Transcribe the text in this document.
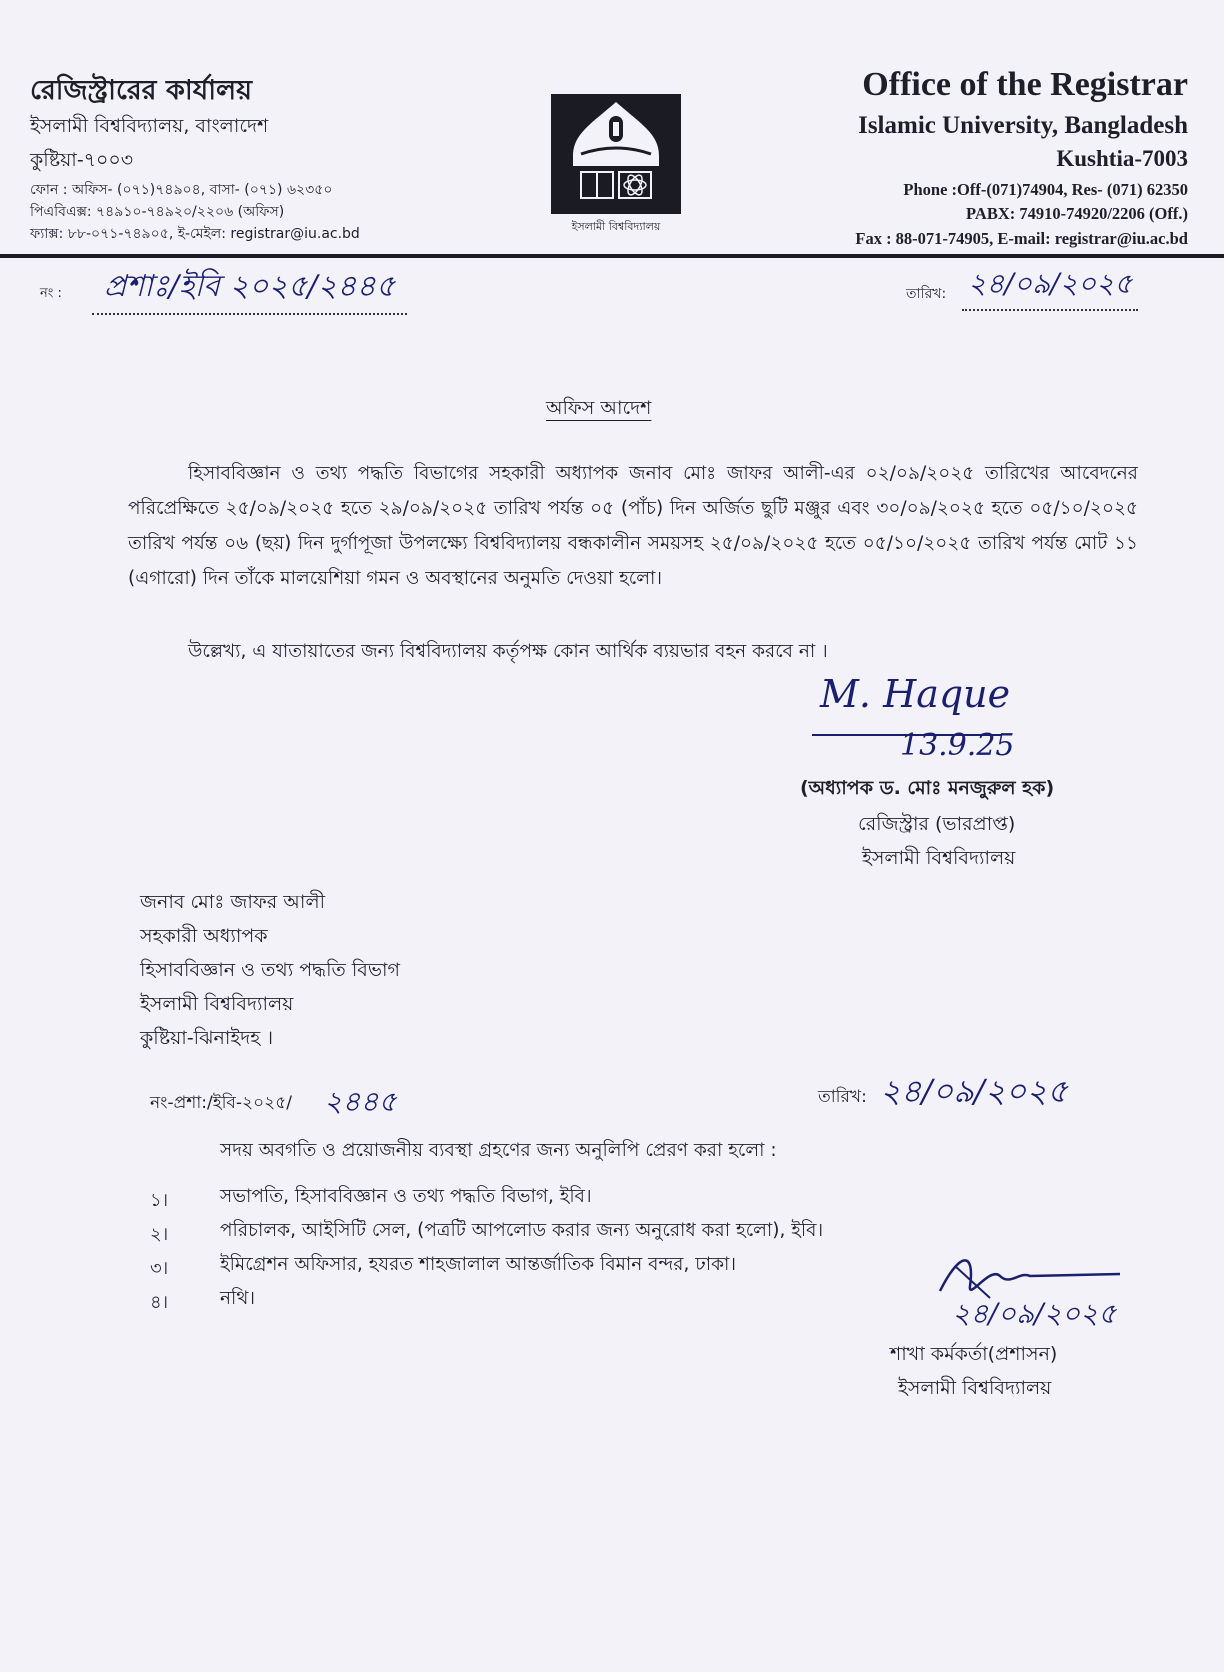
রেজিস্ট্রারের কার্যালয়
ইসলামী বিশ্ববিদ্যালয়, বাংলাদেশ
কুষ্টিয়া-৭০০৩
ফোন : অফিস- (০৭১)৭৪৯০৪, বাসা- (০৭১) ৬২৩৫০
পিএবিএক্স: ৭৪৯১০-৭৪৯২০/২২০৬ (অফিস)
ফ্যাক্স: ৮৮-০৭১-৭৪৯০৫, ই-মেইল: registrar@iu.ac.bd	ইসলামী বিশ্ববিদ্যালয়
Office of the Registrar
Islamic University, Bangladesh
Kushtia-7003
Phone :Off-(071)74904, Res- (071) 62350
PABX: 74910-74920/2206 (Off.)
Fax : 88-071-74905, E-mail: registrar@iu.ac.bd
নং :	প্রশাঃ/ইবি ২০২৫/২৪৪৫	তারিখ: ২৪/০৯/২০২৫
অফিস আদেশ
হিসাববিজ্ঞান ও তথ্য পদ্ধতি বিভাগের সহকারী অধ্যাপক জনাব মোঃ জাফর আলী-এর ০২/০৯/২০২৫ তারিখের আবেদনের পরিপ্রেক্ষিতে ২৫/০৯/২০২৫ হতে ২৯/০৯/২০২৫ তারিখ পর্যন্ত ০৫ (পাঁচ) দিন অর্জিত ছুটি মঞ্জুর এবং ৩০/০৯/২০২৫ হতে ০৫/১০/২০২৫ তারিখ পর্যন্ত ০৬ (ছয়) দিন দুর্গাপূজা উপলক্ষ্যে বিশ্ববিদ্যালয় বন্ধকালীন সময়সহ ২৫/০৯/২০২৫ হতে ০৫/১০/২০২৫ তারিখ পর্যন্ত মোট ১১ (এগারো) দিন তাঁকে মালয়েশিয়া গমন ও অবস্থানের অনুমতি দেওয়া হলো।
উল্লেখ্য, এ যাতায়াতের জন্য বিশ্ববিদ্যালয় কর্তৃপক্ষ কোন আর্থিক ব্যয়ভার বহন করবে না ।
M. Haque
13.9.25
(অধ্যাপক ড. মোঃ মনজুরুল হক)
রেজিস্ট্রার (ভারপ্রাপ্ত)
ইসলামী বিশ্ববিদ্যালয়
জনাব মোঃ জাফর আলী
সহকারী অধ্যাপক
হিসাববিজ্ঞান ও তথ্য পদ্ধতি বিভাগ
ইসলামী বিশ্ববিদ্যালয়
কুষ্টিয়া-ঝিনাইদহ ।
নং-প্রশা:/ইবি-২০২৫/ ২৪৪৫	তারিখ: ২৪/০৯/২০২৫
সদয় অবগতি ও প্রয়োজনীয় ব্যবস্থা গ্রহণের জন্য অনুলিপি প্রেরণ করা হলো :
১।	সভাপতি, হিসাববিজ্ঞান ও তথ্য পদ্ধতি বিভাগ, ইবি।
২।	পরিচালক, আইসিটি সেল, (পত্রটি আপলোড করার জন্য অনুরোধ করা হলো), ইবি।
৩।	ইমিগ্রেশন অফিসার, হযরত শাহজালাল আন্তর্জাতিক বিমান বন্দর, ঢাকা।
৪।	নথি।	২৪/০৯/২০২৫
শাখা কর্মকর্তা(প্রশাসন)
ইসলামী বিশ্ববিদ্যালয়
